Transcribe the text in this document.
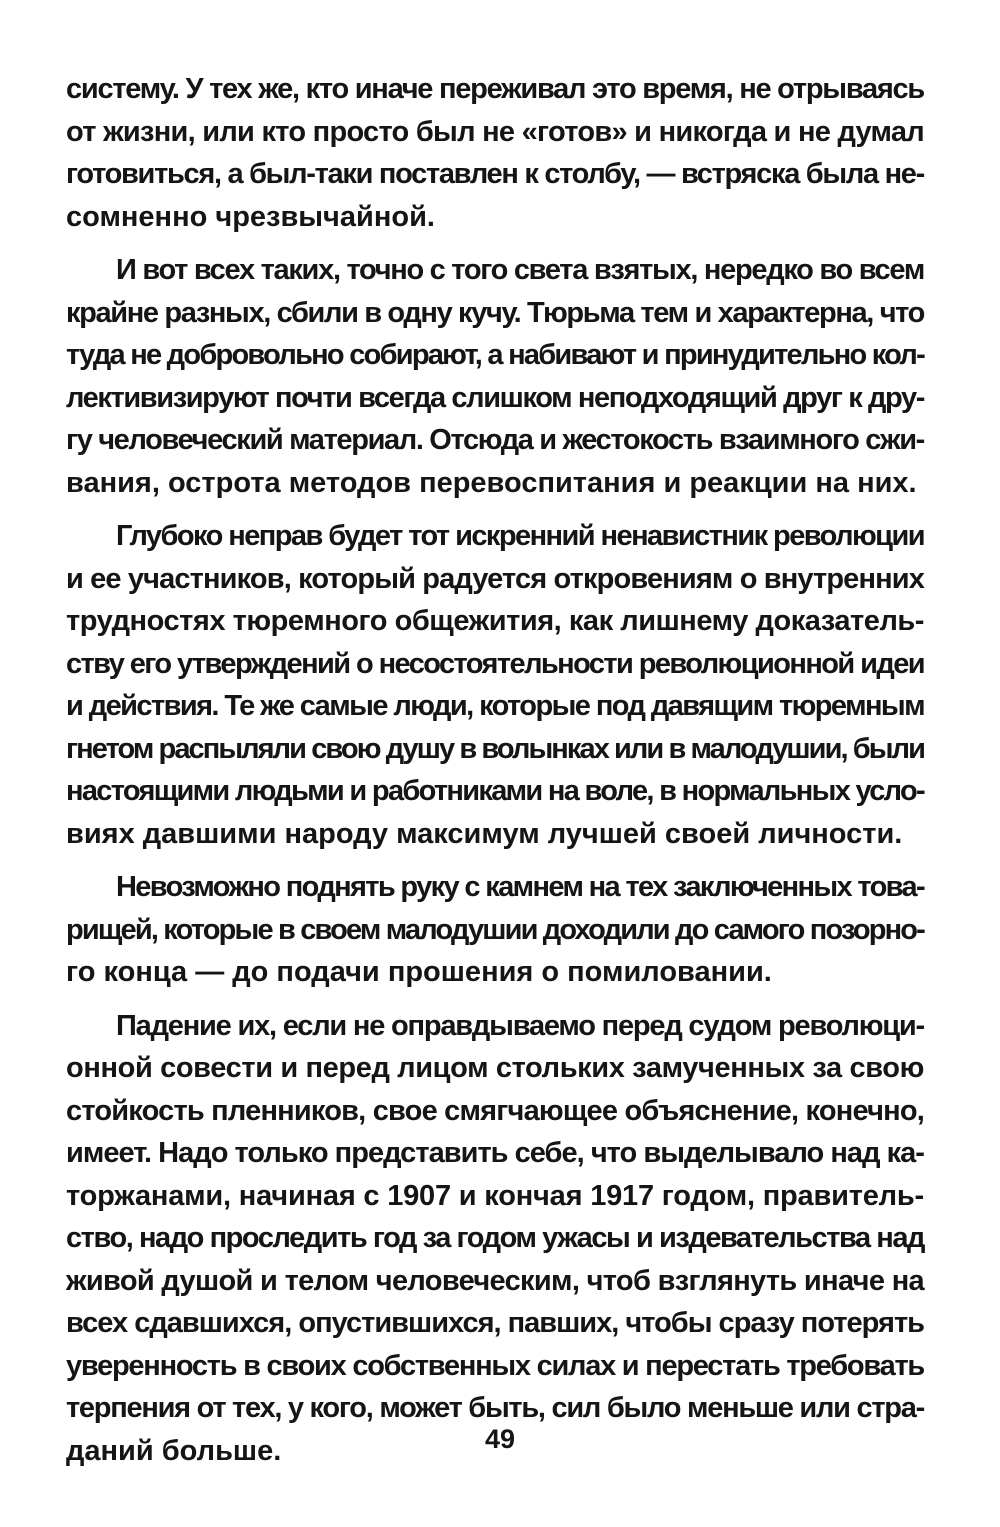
систему. У тех же, кто иначе переживал это время, не отрываясь
от жизни, или кто просто был не «готов» и никогда и не думал
готовиться, а был-таки поставлен к столбу, — встряска была не-
сомненно чрезвычайной.
И вот всех таких, точно с того света взятых, нередко во всем
крайне разных, сбили в одну кучу. Тюрьма тем и характерна, что
туда не добровольно собирают, а набивают и принудительно кол-
лективизируют почти всегда слишком неподходящий друг к дру-
гу человеческий материал. Отсюда и жестокость взаимного сжи-
вания, острота методов перевоспитания и реакции на них.
Глубоко неправ будет тот искренний ненавистник революции
и ее участников, который радуется откровениям о внутренних
трудностях тюремного общежития, как лишнему доказатель-
ству его утверждений о несостоятельности революционной идеи
и действия. Те же самые люди, которые под давящим тюремным
гнетом распыляли свою душу в волынках или в малодушии, были
настоящими людьми и работниками на воле, в нормальных усло-
виях давшими народу максимум лучшей своей личности.
Невозможно поднять руку с камнем на тех заключенных това-
рищей, которые в своем малодушии доходили до самого позорно-
го конца — до подачи прошения о помиловании.
Падение их, если не оправдываемо перед судом революци-
онной совести и перед лицом стольких замученных за свою
стойкость пленников, свое смягчающее объяснение, конечно,
имеет. Надо только представить себе, что выделывало над ка-
торжанами, начиная с 1907 и кончая 1917 годом, правитель-
ство, надо проследить год за годом ужасы и издевательства над
живой душой и телом человеческим, чтоб взглянуть иначе на
всех сдавшихся, опустившихся, павших, чтобы сразу потерять
уверенность в своих собственных силах и перестать требовать
терпения от тех, у кого, может быть, сил было меньше или стра-
даний больше.	49
